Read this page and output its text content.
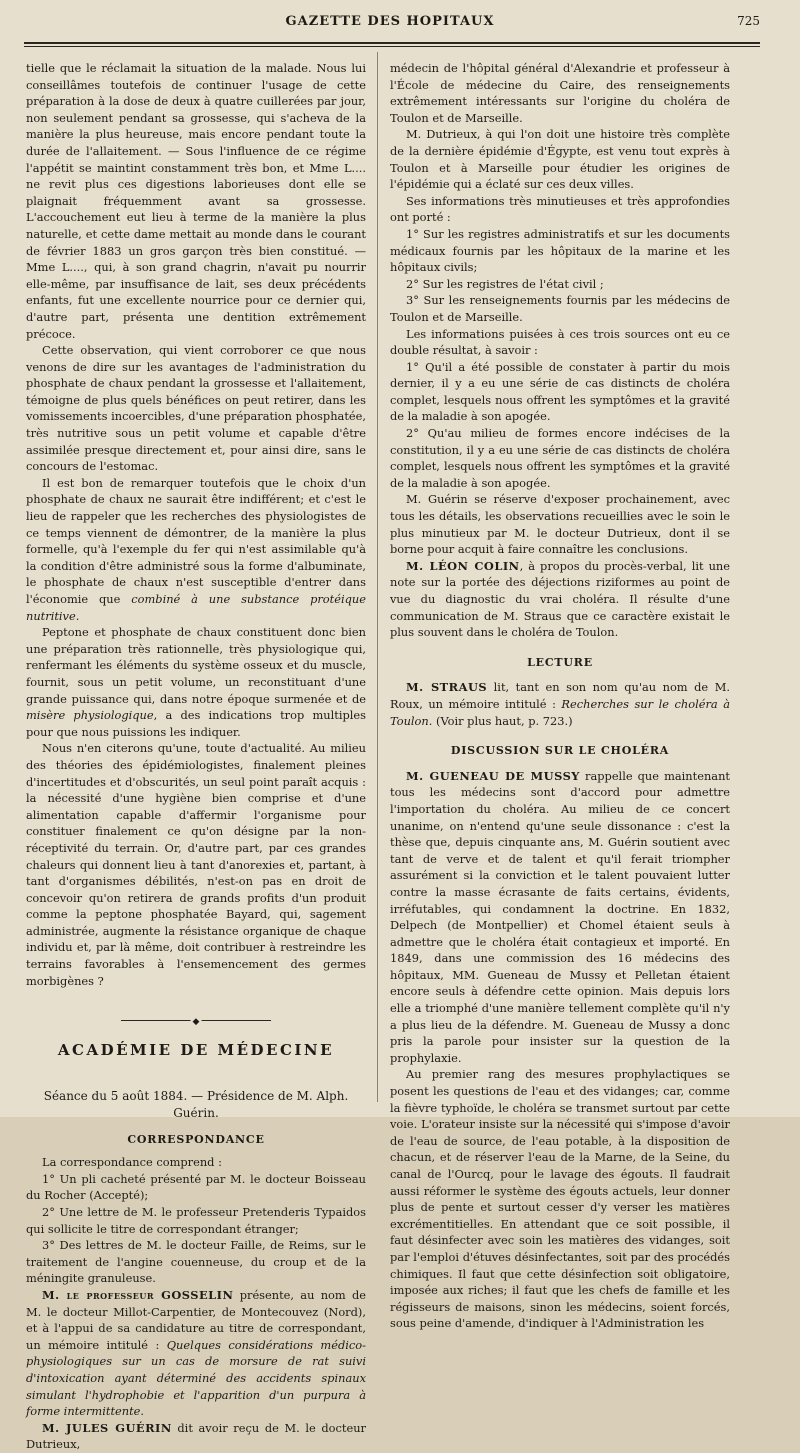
GAZETTE DES HOPITAUX	725

tielle que le réclamait la situation de la malade. Nous lui conseillâmes toutefois de continuer l'usage de cette préparation à la dose de deux à quatre cuillerées par jour, non seulement pendant sa grossesse, qui s'acheva de la manière la plus heureuse, mais encore pendant toute la durée de l'allaitement. — Sous l'influence de ce régime l'appétit se maintint constamment très bon, et Mme L.... ne revit plus ces digestions laborieuses dont elle se plaignait fréquemment avant sa grossesse. L'accouchement eut lieu à terme de la manière la plus naturelle, et cette dame mettait au monde dans le courant de février 1883 un gros garçon très bien constitué. — Mme L...., qui, à son grand chagrin, n'avait pu nourrir elle-même, par insuffisance de lait, ses deux précédents enfants, fut une excellente nourrice pour ce dernier qui, d'autre part, présenta une dentition extrêmement précoce.

Cette observation, qui vient corroborer ce que nous venons de dire sur les avantages de l'administration du phosphate de chaux pendant la grossesse et l'allaitement, témoigne de plus quels bénéfices on peut retirer, dans les vomissements incoercibles, d'une préparation phosphatée, très nutritive sous un petit volume et capable d'être assimilée presque directement et, pour ainsi dire, sans le concours de l'estomac.

Il est bon de remarquer toutefois que le choix d'un phosphate de chaux ne saurait être indifférent; et c'est le lieu de rappeler que les recherches des physiologistes de ce temps viennent de démontrer, de la manière la plus formelle, qu'à l'exemple du fer qui n'est assimilable qu'à la condition d'être administré sous la forme d'albuminate, le phosphate de chaux n'est susceptible d'entrer dans l'économie que combiné à une substance protéique nutritive.

Peptone et phosphate de chaux constituent donc bien une préparation très rationnelle, très physiologique qui, renfermant les éléments du système osseux et du muscle, fournit, sous un petit volume, un reconstituant d'une grande puissance qui, dans notre époque surmenée et de misère physiologique, a des indications trop multiples pour que nous puissions les indiquer.

Nous n'en citerons qu'une, toute d'actualité. Au milieu des théories des épidémiologistes, finalement pleines d'incertitudes et d'obscurités, un seul point paraît acquis : la nécessité d'une hygiène bien comprise et d'une alimentation capable d'affermir l'organisme pour constituer finalement ce qu'on désigne par la non-réceptivité du terrain. Or, d'autre part, par ces grandes chaleurs qui donnent lieu à tant d'anorexies et, partant, à tant d'organismes débilités, n'est-on pas en droit de concevoir qu'on retirera de grands profits d'un produit comme la peptone phosphatée Bayard, qui, sagement administrée, augmente la résistance organique de chaque individu et, par là même, doit contribuer à restreindre les terrains favorables à l'ensemencement des germes morbigènes ?

◆
ACADÉMIE DE MÉDECINE

Séance du 5 août 1884. — Présidence de M. Alph. Guérin.

CORRESPONDANCE

La correspondance comprend :

1° Un pli cacheté présenté par M. le docteur Boisseau du Rocher (Accepté);

2° Une lettre de M. le professeur Pretenderis Typaidos qui sollicite le titre de correspondant étranger;

3° Des lettres de M. le docteur Faille, de Reims, sur le traitement de l'angine couenneuse, du croup et de la méningite granuleuse.

M. le professeur GOSSELIN présente, au nom de M. le docteur Millot-Carpentier, de Montecouvez (Nord), et à l'appui de sa candidature au titre de correspondant, un mémoire intitulé : Quelques considérations médico-physiologiques sur un cas de morsure de rat suivi d'intoxication ayant déterminé des accidents spinaux simulant l'hydrophobie et l'apparition d'un purpura à forme intermittente.

M. JULES GUÉRIN dit avoir reçu de M. le docteur Dutrieux,

médecin de l'hôpital général d'Alexandrie et professeur à l'École de médecine du Caire, des renseignements extrêmement intéressants sur l'origine du choléra de Toulon et de Marseille.

M. Dutrieux, à qui l'on doit une histoire très complète de la dernière épidémie d'Égypte, est venu tout exprès à Toulon et à Marseille pour étudier les origines de l'épidémie qui a éclaté sur ces deux villes.

Ses informations très minutieuses et très approfondies ont porté :

1° Sur les registres administratifs et sur les documents médicaux fournis par les hôpitaux de la marine et les hôpitaux civils;

2° Sur les registres de l'état civil ;

3° Sur les renseignements fournis par les médecins de Toulon et de Marseille.

Les informations puisées à ces trois sources ont eu ce double résultat, à savoir :

1° Qu'il a été possible de constater à partir du mois dernier, il y a eu une série de cas distincts de choléra complet, lesquels nous offrent les symptômes et la gravité de la maladie à son apogée.

2° Qu'au milieu de formes encore indécises de la constitution, il y a eu une série de cas distincts de choléra complet, lesquels nous offrent les symptômes et la gravité de la maladie à son apogée.

M. Guérin se réserve d'exposer prochainement, avec tous les détails, les observations recueillies avec le soin le plus minutieux par M. le docteur Dutrieux, dont il se borne pour acquit à faire connaître les conclusions.

M. LÉON COLIN, à propos du procès-verbal, lit une note sur la portée des déjections riziformes au point de vue du diagnostic du vrai choléra. Il résulte d'une communication de M. Straus que ce caractère existait le plus souvent dans le choléra de Toulon.

LECTURE

M. STRAUS lit, tant en son nom qu'au nom de M. Roux, un mémoire intitulé : Recherches sur le choléra à Toulon. (Voir plus haut, p. 723.)

DISCUSSION SUR LE CHOLÉRA

M. GUENEAU DE MUSSY rappelle que maintenant tous les médecins sont d'accord pour admettre l'importation du choléra. Au milieu de ce concert unanime, on n'entend qu'une seule dissonance : c'est la thèse que, depuis cinquante ans, M. Guérin soutient avec tant de verve et de talent et qu'il ferait triompher assurément si la conviction et le talent pouvaient lutter contre la masse écrasante de faits certains, évidents, irréfutables, qui condamnent la doctrine. En 1832, Delpech (de Montpellier) et Chomel étaient seuls à admettre que le choléra était contagieux et importé. En 1849, dans une commission des 16 médecins des hôpitaux, MM. Gueneau de Mussy et Pelletan étaient encore seuls à défendre cette opinion. Mais depuis lors elle a triomphé d'une manière tellement complète qu'il n'y a plus lieu de la défendre. M. Gueneau de Mussy a donc pris la parole pour insister sur la question de la prophylaxie.

Au premier rang des mesures prophylactiques se posent les questions de l'eau et des vidanges; car, comme la fièvre typhoïde, le choléra se transmet surtout par cette voie. L'orateur insiste sur la nécessité qui s'impose d'avoir de l'eau de source, de l'eau potable, à la disposition de chacun, et de réserver l'eau de la Marne, de la Seine, du canal de l'Ourcq, pour le lavage des égouts. Il faudrait aussi réformer le système des égouts actuels, leur donner plus de pente et surtout cesser d'y verser les matières excrémentitielles. En attendant que ce soit possible, il faut désinfecter avec soin les matières des vidanges, soit par l'emploi d'étuves désinfectantes, soit par des procédés chimiques. Il faut que cette désinfection soit obligatoire, imposée aux riches; il faut que les chefs de famille et les régisseurs de maisons, sinon les médecins, soient forcés, sous peine d'amende, d'indiquer à l'Administration les
